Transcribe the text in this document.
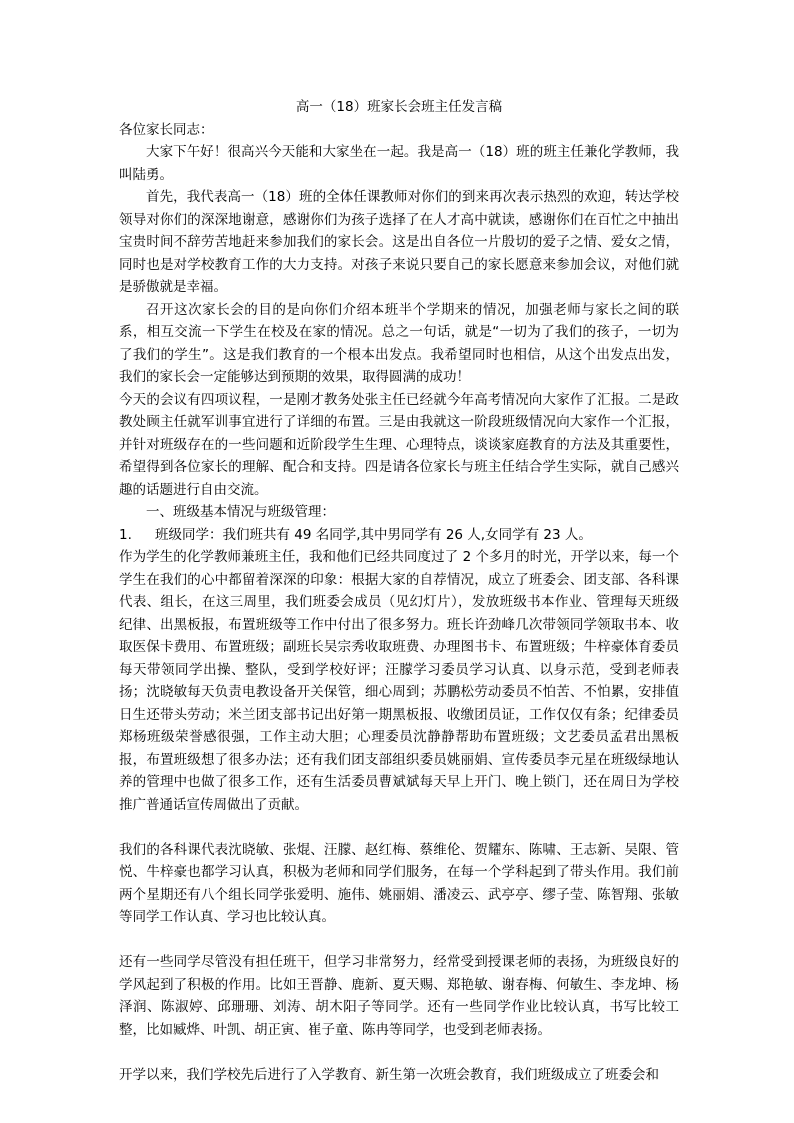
高一（18）班家长会班主任发言稿

各位家长同志：

大家下午好！很高兴今天能和大家坐在一起。我是高一（18）班的班主任兼化学教师，我叫陆勇。

首先，我代表高一（18）班的全体任课教师对你们的到来再次表示热烈的欢迎，转达学校领导对你们的深深地谢意，感谢你们为孩子选择了在人才高中就读，感谢你们在百忙之中抽出宝贵时间不辞劳苦地赶来参加我们的家长会。这是出自各位一片殷切的爱子之情、爱女之情，同时也是对学校教育工作的大力支持。对孩子来说只要自己的家长愿意来参加会议，对他们就是骄傲就是幸福。

召开这次家长会的目的是向你们介绍本班半个学期来的情况，加强老师与家长之间的联系，相互交流一下学生在校及在家的情况。总之一句话，就是“一切为了我们的孩子，一切为了我们的学生”。这是我们教育的一个根本出发点。我希望同时也相信，从这个出发点出发，我们的家长会一定能够达到预期的效果，取得圆满的成功！

今天的会议有四项议程，一是刚才教务处张主任已经就今年高考情况向大家作了汇报。二是政教处顾主任就军训事宜进行了详细的布置。三是由我就这一阶段班级情况向大家作一个汇报，并针对班级存在的一些问题和近阶段学生生理、心理特点，谈谈家庭教育的方法及其重要性，希望得到各位家长的理解、配合和支持。四是请各位家长与班主任结合学生实际，就自己感兴趣的话题进行自由交流。

一、班级基本情况与班级管理：

1.	班级同学：我们班共有 49 名同学,其中男同学有 26 人,女同学有 23 人。

作为学生的化学教师兼班主任，我和他们已经共同度过了 2 个多月的时光，开学以来，每一个学生在我们的心中都留着深深的印象：根据大家的自荐情况，成立了班委会、团支部、各科课代表、组长，在这三周里，我们班委会成员（见幻灯片），发放班级书本作业、管理每天班级纪律、出黑板报，布置班级等工作中付出了很多努力。班长许劲峰几次带领同学领取书本、收取医保卡费用、布置班级；副班长吴宗秀收取班费、办理图书卡、布置班级；牛梓豪体育委员每天带领同学出操、整队，受到学校好评；汪朦学习委员学习认真、以身示范，受到老师表扬；沈晓敏每天负责电教设备开关保管，细心周到；苏鹏松劳动委员不怕苦、不怕累，安排值日生还带头劳动；米兰团支部书记出好第一期黑板报、收缴团员证，工作仅仅有条；纪律委员郑杨班级荣誉感很强，工作主动大胆；心理委员沈静静帮助布置班级；文艺委员孟君出黑板报，布置班级想了很多办法；还有我们团支部组织委员姚丽娟、宣传委员李元星在班级绿地认养的管理中也做了很多工作，还有生活委员曹斌斌每天早上开门、晚上锁门，还在周日为学校推广普通话宣传周做出了贡献。

我们的各科课代表沈晓敏、张焜、汪朦、赵红梅、蔡维伦、贺耀东、陈啸、王志新、吴限、管悦、牛梓豪也都学习认真，积极为老师和同学们服务，在每一个学科起到了带头作用。我们前两个星期还有八个组长同学张爱明、施伟、姚丽娟、潘凌云、武亭亭、缪子莹、陈智翔、张敏等同学工作认真、学习也比较认真。

还有一些同学尽管没有担任班干，但学习非常努力，经常受到授课老师的表扬，为班级良好的学风起到了积极的作用。比如王晋静、鹿新、夏天赐、郑艳敏、谢春梅、何敏生、李龙坤、杨泽润、陈淑婷、邱珊珊、刘涛、胡木阳子等同学。还有一些同学作业比较认真，书写比较工整，比如臧烨、叶凯、胡正寅、崔子童、陈冉等同学，也受到老师表扬。

开学以来，我们学校先后进行了入学教育、新生第一次班会教育，我们班级成立了班委会和
